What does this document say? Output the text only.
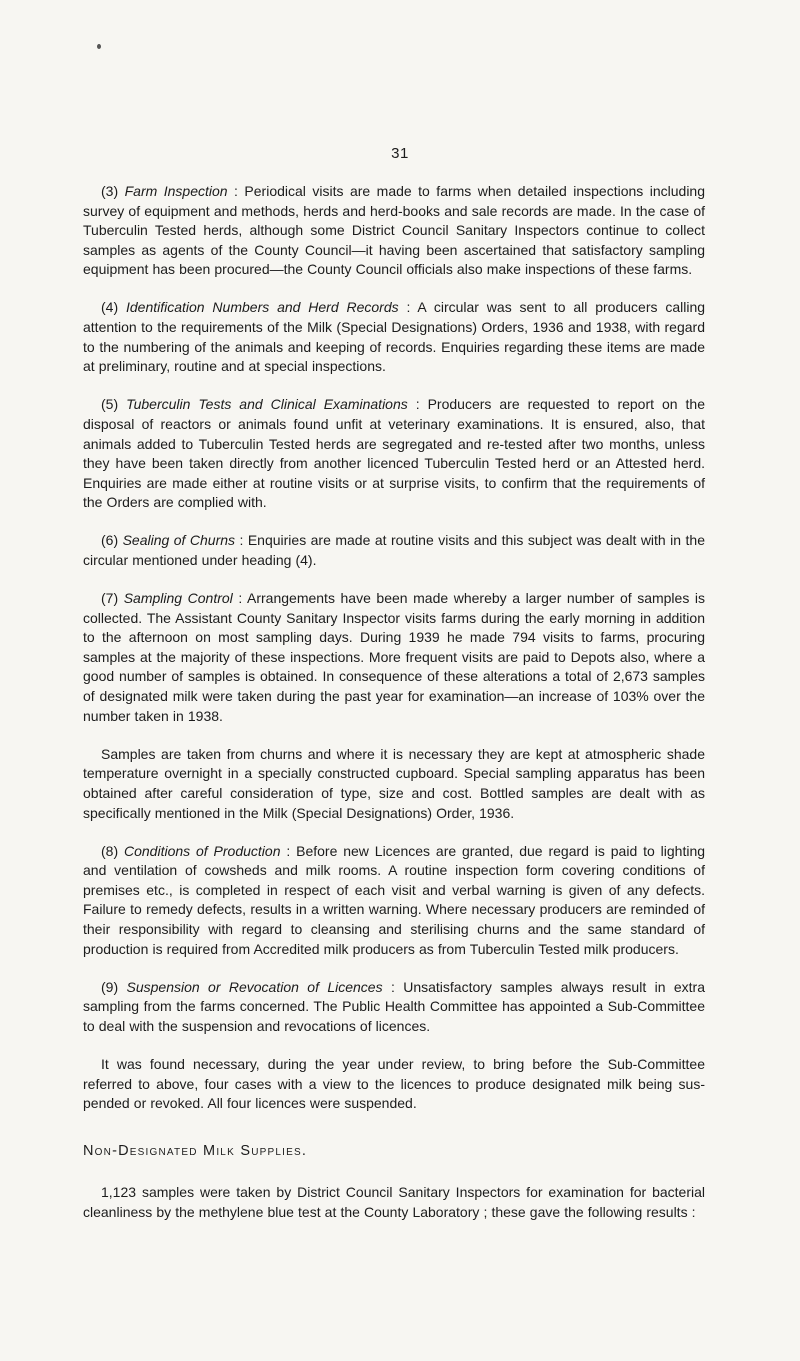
31

(3) Farm Inspection : Periodical visits are made to farms when detailed inspections including survey of equipment and methods, herds and herd-books and sale records are made. In the case of Tuberculin Tested herds, although some District Council Sanitary Inspectors continue to collect samples as agents of the County Council—it having been ascertained that satisfactory sampling equipment has been procured—the County Council officials also make inspections of these farms.

(4) Identification Numbers and Herd Records : A circular was sent to all producers calling attention to the requirements of the Milk (Special Designations) Orders, 1936 and 1938, with regard to the numbering of the animals and keeping of records. Enquiries regarding these items are made at preliminary, routine and at special inspections.

(5) Tuberculin Tests and Clinical Examinations : Producers are requested to report on the disposal of reactors or animals found unfit at veterinary examinations. It is ensured, also, that animals added to Tuberculin Tested herds are segregated and re-tested after two months, unless they have been taken directly from another licenced Tuberculin Tested herd or an Attested herd. Enquiries are made either at routine visits or at surprise visits, to confirm that the requirements of the Orders are complied with.

(6) Sealing of Churns : Enquiries are made at routine visits and this subject was dealt with in the circular mentioned under heading (4).

(7) Sampling Control : Arrangements have been made whereby a larger number of samples is collected. The Assistant County Sanitary Inspector visits farms during the early morning in addition to the afternoon on most sampling days. During 1939 he made 794 visits to farms, procuring samples at the majority of these inspections. More frequent visits are paid to Depots also, where a good number of samples is obtained. In consequence of these alterations a total of 2,673 samples of designated milk were taken during the past year for examination—an increase of 103% over the number taken in 1938.

Samples are taken from churns and where it is necessary they are kept at atmospheric shade temperature overnight in a specially constructed cupboard. Special sampling apparatus has been obtained after careful consideration of type, size and cost. Bottled samples are dealt with as specifically mentioned in the Milk (Special Designations) Order, 1936.

(8) Conditions of Production : Before new Licences are granted, due regard is paid to lighting and ventilation of cowsheds and milk rooms. A routine inspection form covering conditions of premises etc., is completed in respect of each visit and verbal warning is given of any defects. Failure to remedy defects, results in a written warning. Where necessary producers are reminded of their responsibility with regard to cleansing and sterilising churns and the same standard of production is required from Accredited milk producers as from Tuberculin Tested milk producers.

(9) Suspension or Revocation of Licences : Unsatisfactory samples always result in extra sampling from the farms concerned. The Public Health Committee has appointed a Sub-Committee to deal with the suspension and revocations of licences.

It was found necessary, during the year under review, to bring before the Sub-Committee referred to above, four cases with a view to the licences to produce designated milk being sus-pended or revoked. All four licences were suspended.

Non-Designated Milk Supplies.

1,123 samples were taken by District Council Sanitary Inspectors for examination for bacterial cleanliness by the methylene blue test at the County Laboratory ; these gave the following results :
